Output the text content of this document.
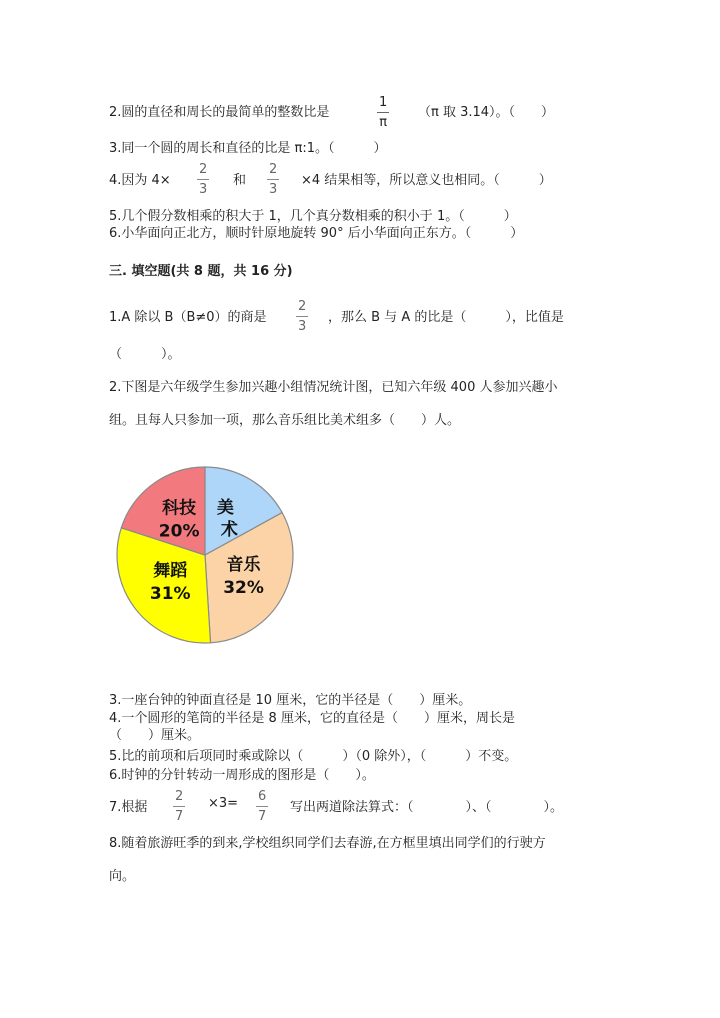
2.圆的直径和周长的最简单的整数比是	$\frac{1}{\pi} (\pi$ 取 3.14）。（　　）
3.同一个圆的周长和直径的比是 π:1。（　　　）
4.因为 $4\times \frac{2}{3}$ 和 $\frac{2}{3} \times 4$ 结果相等，所以意义也相同。（　　　）
5.几个假分数相乘的积大于 1，几个真分数相乘的积小于 1。（　　　）
6.小华面向正北方，顺时针原地旋转 90° 后小华面向正东方。（　　　）
三. 填空题(共 8 题，共 16 分)
1.A 除以 B（B≠0）的商是 $\frac{2}{3}$ ，那么 B 与 A 的比是（　　　），比值是
（　　　）。
2.下图是六年级学生参加兴趣小组情况统计图，已知六年级 400 人参加兴趣小
组。且每人只参加一项，那么音乐组比美术组多（　　）人。
美
术
音乐
32%
舞蹈
31%
科技
20%
3.一座台钟的钟面直径是 10 厘米，它的半径是（　　）厘米。
4.一个圆形的笔筒的半径是 8 厘米，它的直径是（　　）厘米，周长是
（　　）厘米。
5.比的前项和后项同时乘或除以（　　　）（0 除外），（　　　）不变。
6.时钟的分针转动一周形成的图形是（　　）。
7.根据 $\frac{2}{7} \times 3= \frac{6}{7}$ 写出两道除法算式：（　　　　）、（　　　　）。
8.随着旅游旺季的到来,学校组织同学们去春游,在方框里填出同学们的行驶方
向。
